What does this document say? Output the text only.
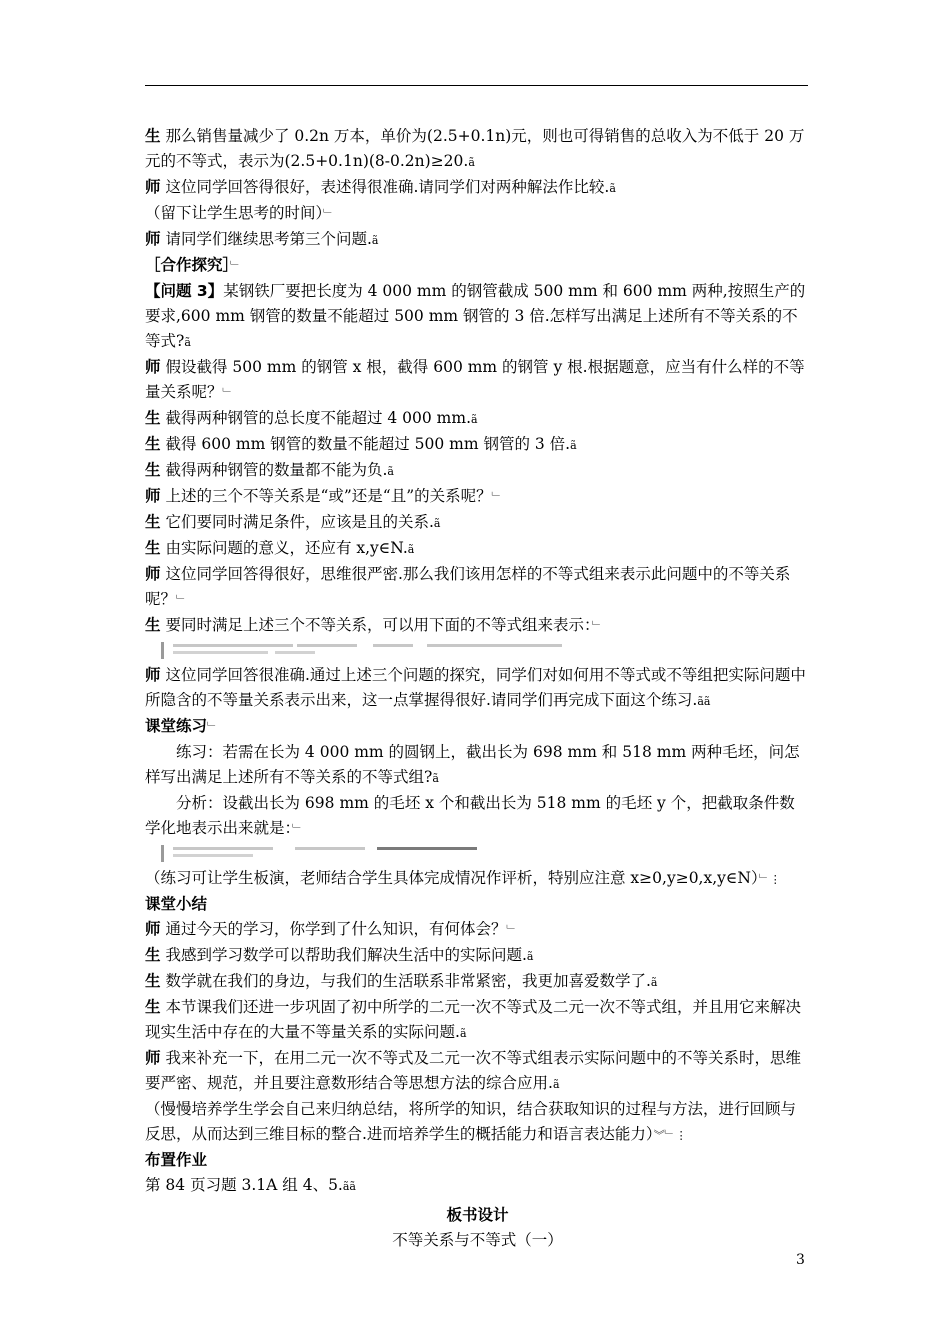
生 那么销售量减少了 0.2n 万本，单价为(2.5+0.1n)元，则也可得销售的总收入为不低于 20 万元的不等式，表示为(2.5+0.1n)(8-0.2n)≥20.ã

师 这位同学回答得很好，表述得很准确.请同学们对两种解法作比较.ã

（留下让学生思考的时间）﹂

师 请同学们继续思考第三个问题.ã

［合作探究］﹂

【问题 3】某钢铁厂要把长度为 4 000 mm 的钢管截成 500 mm 和 600 mm 两种,按照生产的要求,600 mm 钢管的数量不能超过 500 mm 钢管的 3 倍.怎样写出满足上述所有不等关系的不等式?ã

师 假设截得 500 mm 的钢管 x 根，截得 600 mm 的钢管 y 根.根据题意，应当有什么样的不等量关系呢？﹂

生 截得两种钢管的总长度不能超过 4 000 mm.ã

生 截得 600 mm 钢管的数量不能超过 500 mm 钢管的 3 倍.ã

生 截得两种钢管的数量都不能为负.ã

师 上述的三个不等关系是“或”还是“且”的关系呢？﹂

生 它们要同时满足条件，应该是且的关系.ã

生 由实际问题的意义，还应有 x,y∈N.ã

师 这位同学回答得很好，思维很严密.那么我们该用怎样的不等式组来表示此问题中的不等关系呢？﹂

生 要同时满足上述三个不等关系，可以用下面的不等式组来表示：﹂

师 这位同学回答很准确.通过上述三个问题的探究，同学们对如何用不等式或不等组把实际问题中所隐含的不等量关系表示出来，这一点掌握得很好.请同学们再完成下面这个练习.ãã

课堂练习﹂

练习：若需在长为 4 000 mm 的圆钢上，截出长为 698 mm 和 518 mm 两种毛坯，问怎样写出满足上述所有不等关系的不等式组?ã

分析：设截出长为 698 mm 的毛坯 x 个和截出长为 518 mm 的毛坯 y 个，把截取条件数学化地表示出来就是：﹂

（练习可让学生板演，老师结合学生具体完成情况作评析，特别应注意 x≥0,y≥0,x,y∈N）﹂⋮

课堂小结

师 通过今天的学习，你学到了什么知识，有何体会？﹂

生 我感到学习数学可以帮助我们解决生活中的实际问题.ã

生 数学就在我们的身边，与我们的生活联系非常紧密，我更加喜爱数学了.ã

生 本节课我们还进一步巩固了初中所学的二元一次不等式及二元一次不等式组，并且用它来解决现实生活中存在的大量不等量关系的实际问题.ã

师 我来补充一下，在用二元一次不等式及二元一次不等式组表示实际问题中的不等关系时，思维要严密、规范，并且要注意数形结合等思想方法的综合应用.ã

（慢慢培养学生学会自己来归纳总结，将所学的知识，结合获取知识的过程与方法，进行回顾与反思，从而达到三维目标的整合.进而培养学生的概括能力和语言表达能力）︾﹂⋮

布置作业

第 84 页习题 3.1A 组 4、5.ãã

板书设计

不等关系与不等式（一）

3
